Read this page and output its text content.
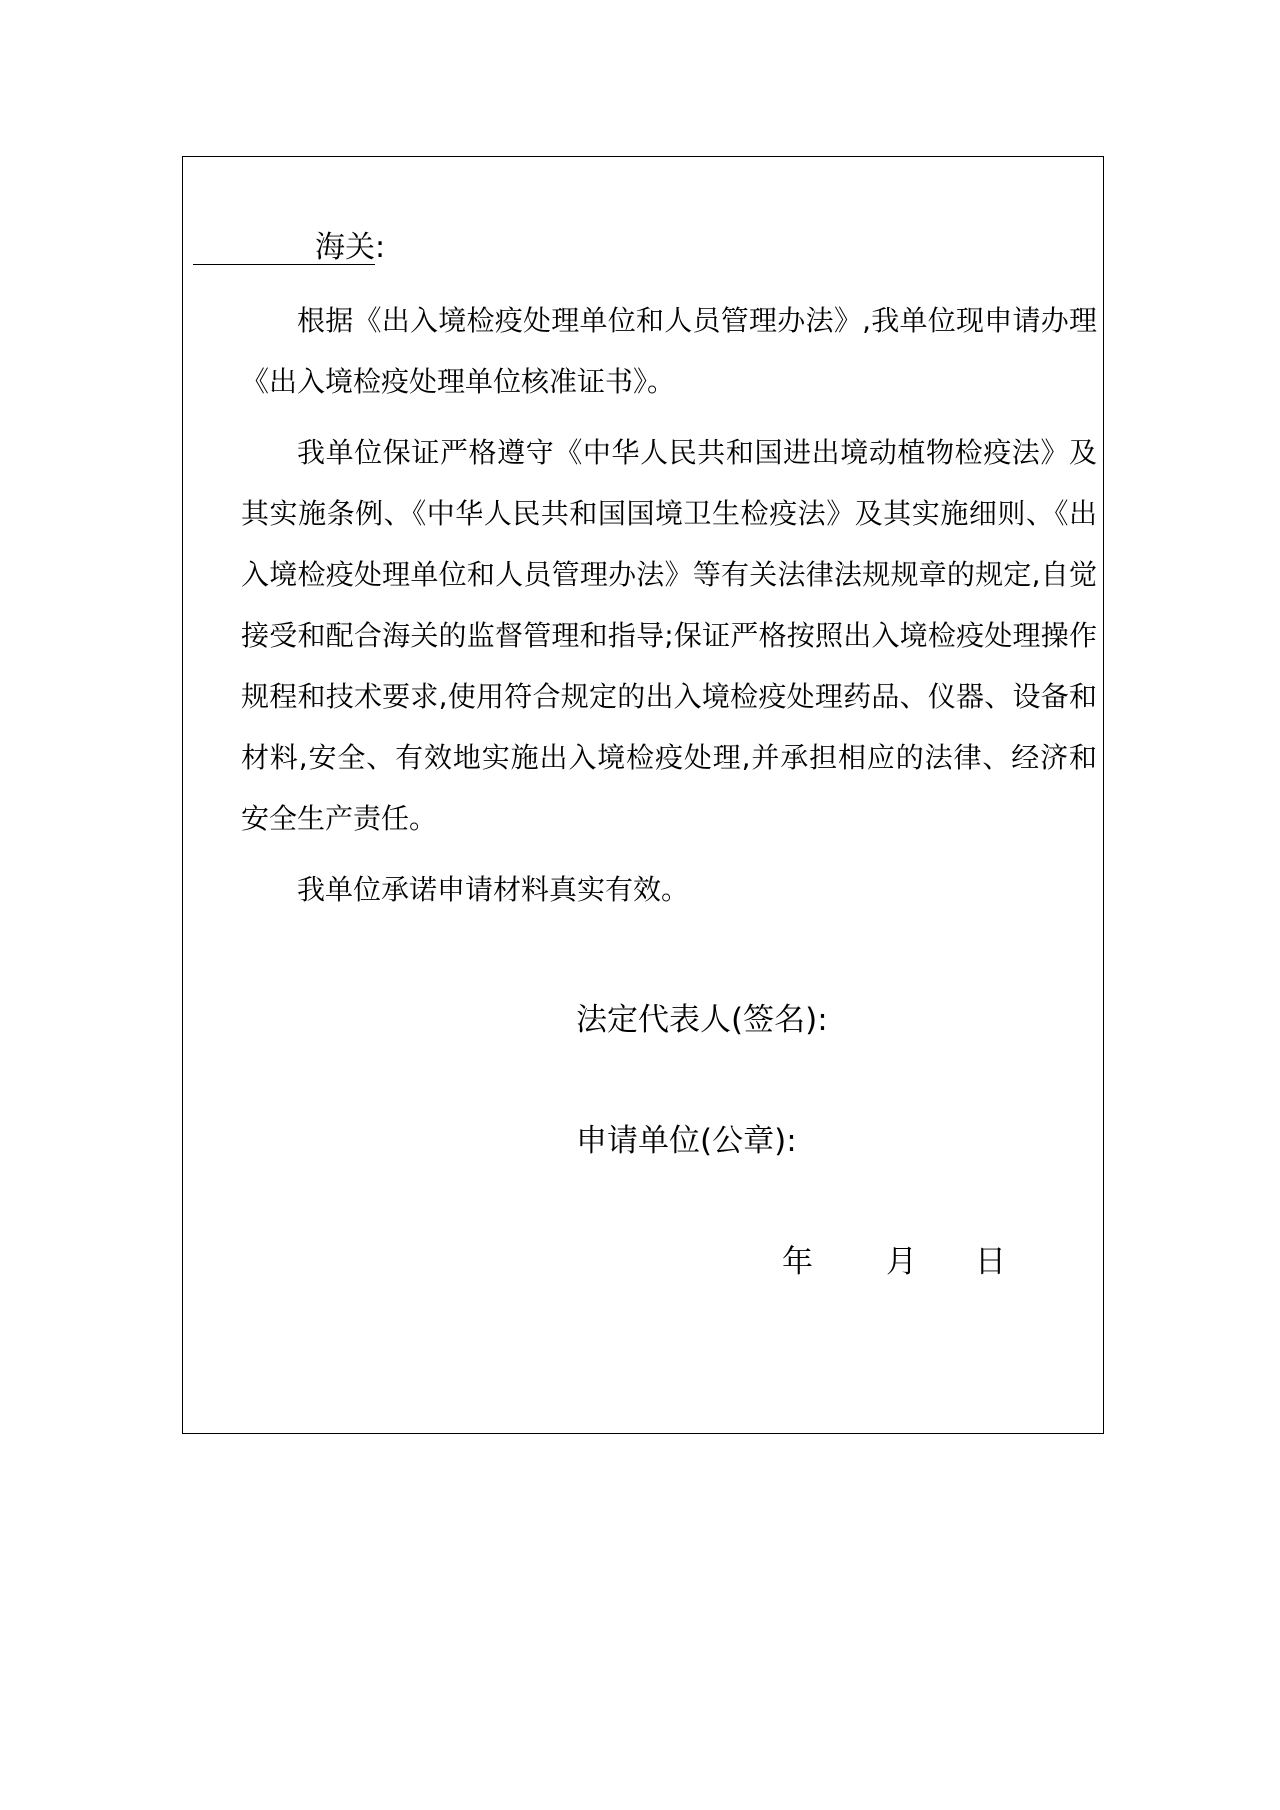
海关:

根据《出入境检疫处理单位和人员管理办法》,我单位现申请办理《出入境检疫处理单位核准证书》。

我单位保证严格遵守《中华人民共和国进出境动植物检疫法》及其实施条例、《中华人民共和国国境卫生检疫法》及其实施细则、《出入境检疫处理单位和人员管理办法》等有关法律法规规章的规定,自觉接受和配合海关的监督管理和指导;保证严格按照出入境检疫处理操作规程和技术要求,使用符合规定的出入境检疫处理药品、仪器、设备和材料,安全、有效地实施出入境检疫处理,并承担相应的法律、经济和安全生产责任。

我单位承诺申请材料真实有效。

法定代表人(签名):
申请单位(公章):
年 月 日
